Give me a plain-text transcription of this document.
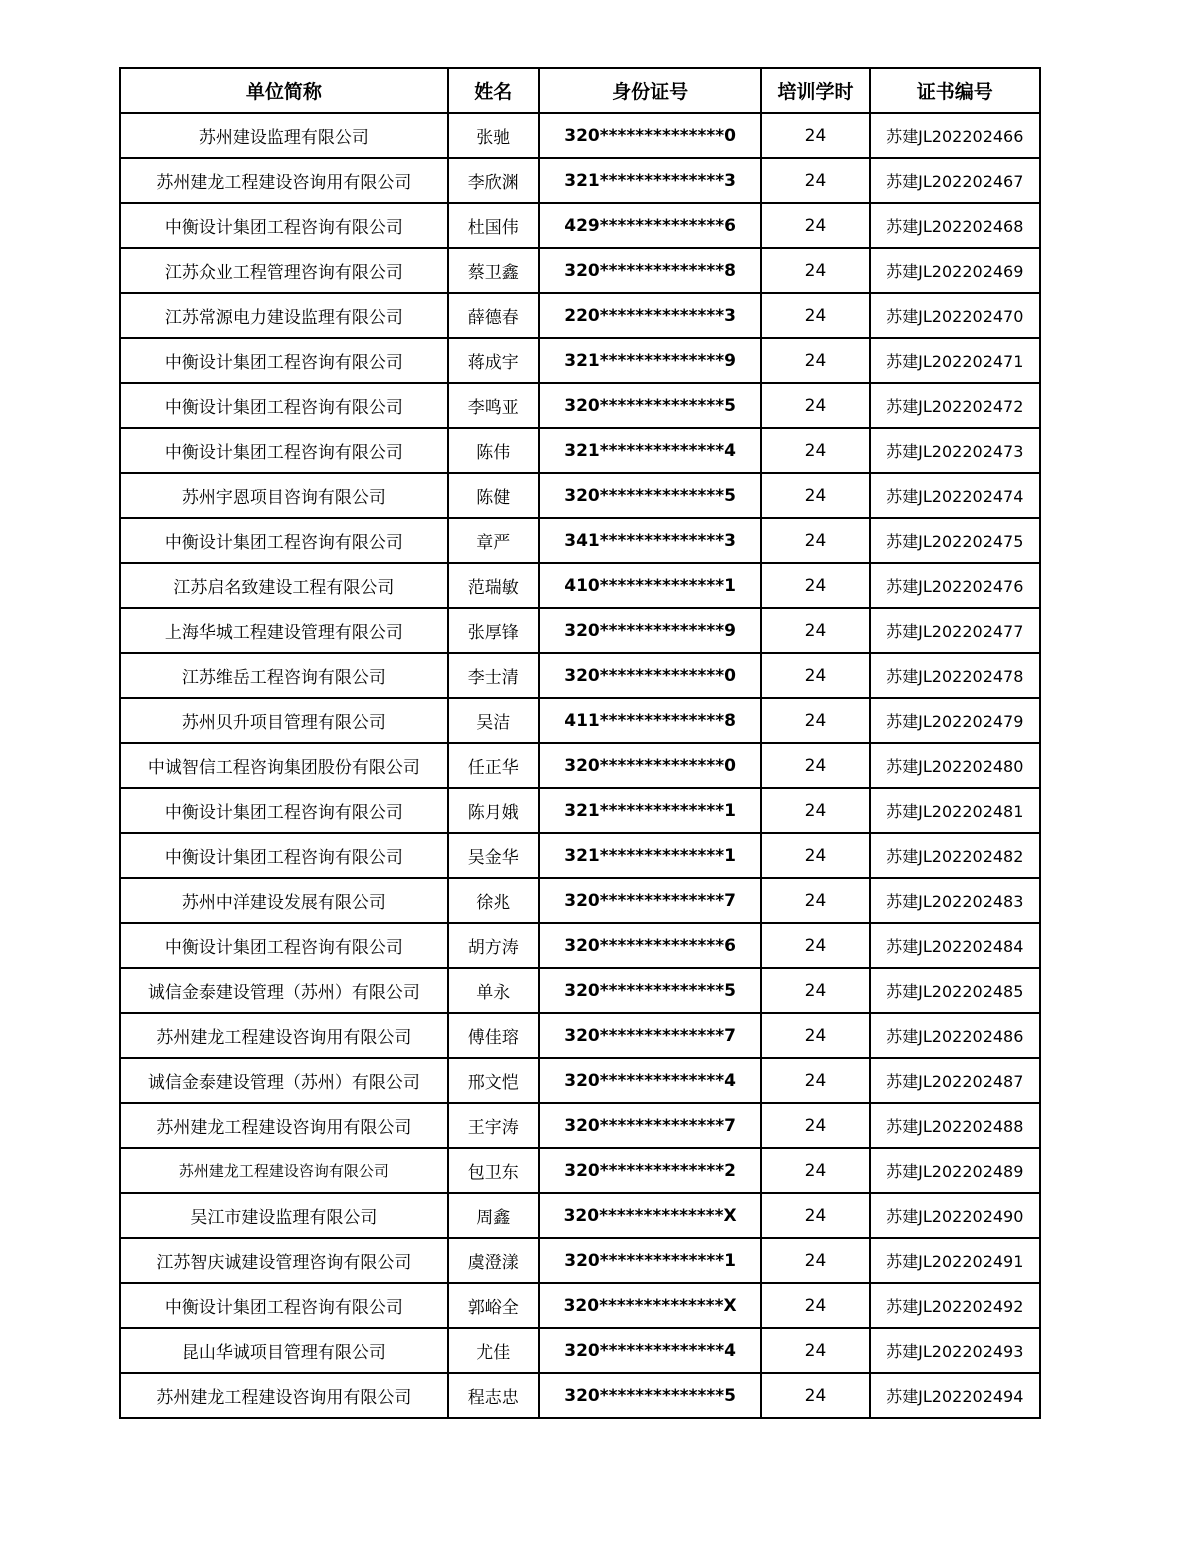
单位简称	姓名	身份证号	培训学时	证书编号
苏州建设监理有限公司	张驰	320**************0	24	苏建JL202202466
苏州建龙工程建设咨询用有限公司	李欣渊	321**************3	24	苏建JL202202467
中衡设计集团工程咨询有限公司	杜国伟	429**************6	24	苏建JL202202468
江苏众业工程管理咨询有限公司	蔡卫鑫	320**************8	24	苏建JL202202469
江苏常源电力建设监理有限公司	薛德春	220**************3	24	苏建JL202202470
中衡设计集团工程咨询有限公司	蒋成宇	321**************9	24	苏建JL202202471
中衡设计集团工程咨询有限公司	李鸣亚	320**************5	24	苏建JL202202472
中衡设计集团工程咨询有限公司	陈伟	321**************4	24	苏建JL202202473
苏州宇恩项目咨询有限公司	陈健	320**************5	24	苏建JL202202474
中衡设计集团工程咨询有限公司	章严	341**************3	24	苏建JL202202475
江苏启名致建设工程有限公司	范瑞敏	410**************1	24	苏建JL202202476
上海华城工程建设管理有限公司	张厚锋	320**************9	24	苏建JL202202477
江苏维岳工程咨询有限公司	李士清	320**************0	24	苏建JL202202478
苏州贝升项目管理有限公司	吴洁	411**************8	24	苏建JL202202479
中诚智信工程咨询集团股份有限公司	任正华	320**************0	24	苏建JL202202480
中衡设计集团工程咨询有限公司	陈月娥	321**************1	24	苏建JL202202481
中衡设计集团工程咨询有限公司	吴金华	321**************1	24	苏建JL202202482
苏州中洋建设发展有限公司	徐兆	320**************7	24	苏建JL202202483
中衡设计集团工程咨询有限公司	胡方涛	320**************6	24	苏建JL202202484
诚信金泰建设管理（苏州）有限公司	单永	320**************5	24	苏建JL202202485
苏州建龙工程建设咨询用有限公司	傅佳瑢	320**************7	24	苏建JL202202486
诚信金泰建设管理（苏州）有限公司	邢文恺	320**************4	24	苏建JL202202487
苏州建龙工程建设咨询用有限公司	王宇涛	320**************7	24	苏建JL202202488
苏州建龙工程建设咨询有限公司	包卫东	320**************2	24	苏建JL202202489
吴江市建设监理有限公司	周鑫	320**************X	24	苏建JL202202490
江苏智庆诚建设管理咨询有限公司	虞澄漾	320**************1	24	苏建JL202202491
中衡设计集团工程咨询有限公司	郭峪全	320**************X	24	苏建JL202202492
昆山华诚项目管理有限公司	尤佳	320**************4	24	苏建JL202202493
苏州建龙工程建设咨询用有限公司	程志忠	320**************5	24	苏建JL202202494
